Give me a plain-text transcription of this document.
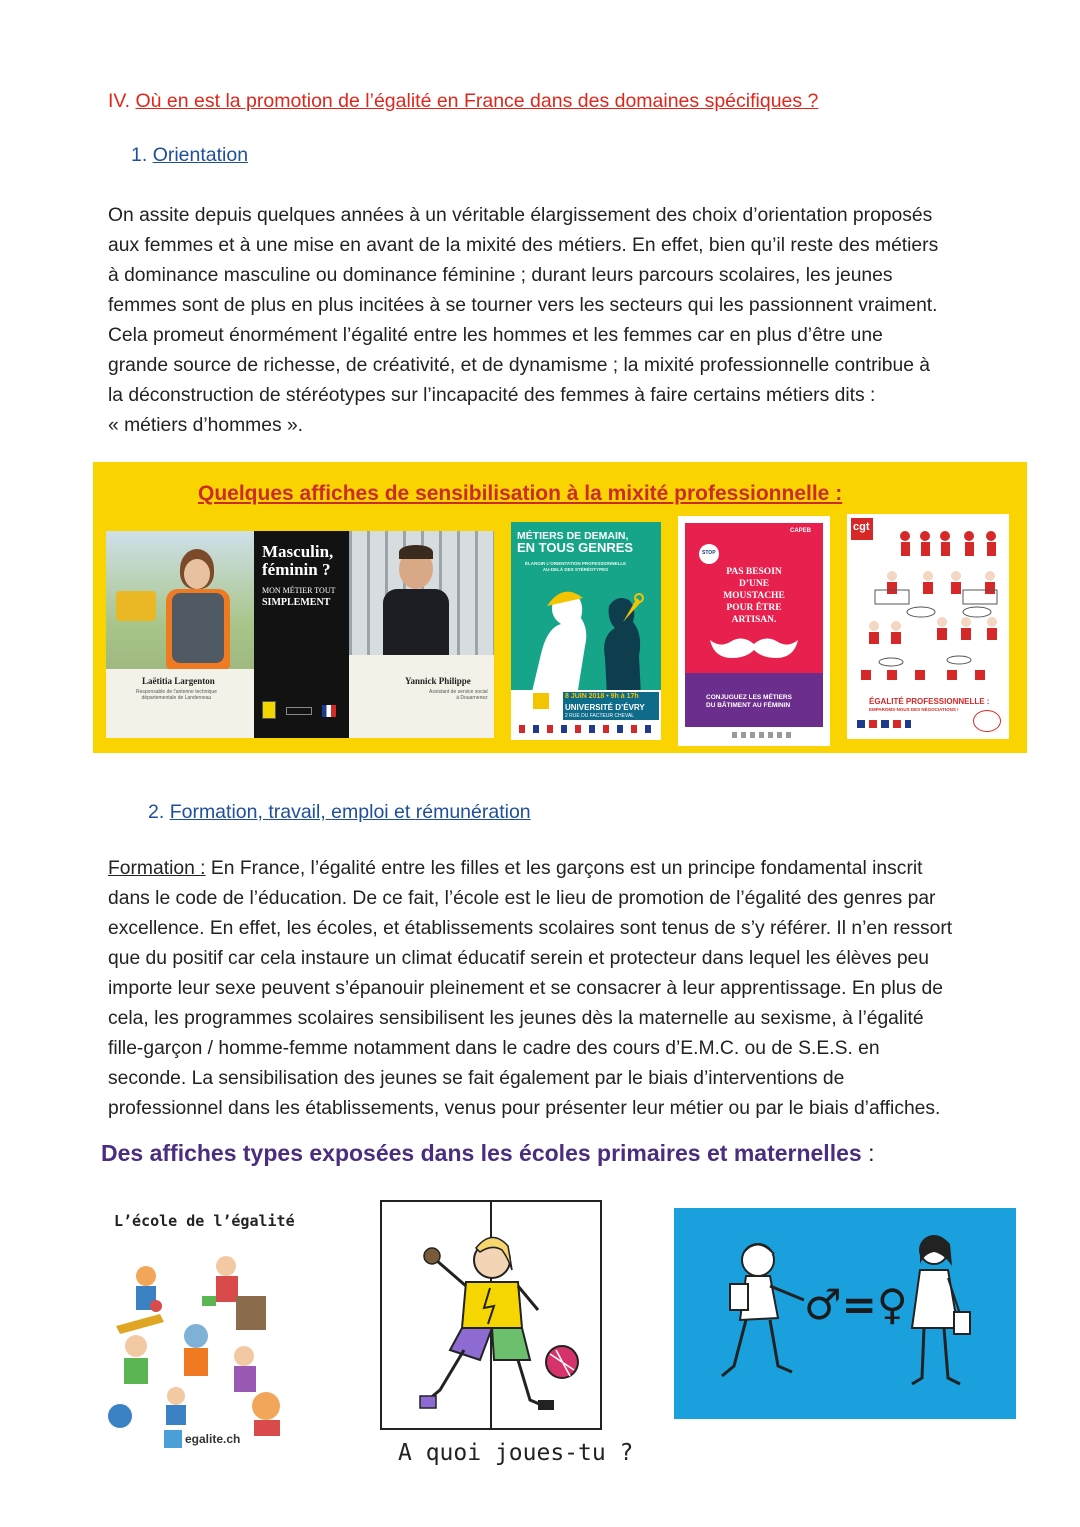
IV. Où en est la promotion de l’égalité en France dans des domaines spécifiques ?
1. Orientation
On assite depuis quelques années à un véritable élargissement des choix d’orientation proposés
aux femmes et à une mise en avant de la mixité des métiers. En effet, bien qu’il reste des métiers
à dominance masculine ou dominance féminine ; durant leurs parcours scolaires, les jeunes
femmes sont de plus en plus incitées à se tourner vers les secteurs qui les passionnent vraiment.
Cela promeut énormément l’égalité entre les hommes et les femmes car en plus d’être une
grande source de richesse, de créativité, et de dynamisme ; la mixité professionnelle contribue à
la déconstruction de stéréotypes sur l’incapacité des femmes à faire certains métiers dits :
« métiers d’hommes ».
Quelques affiches de sensibilisation à la mixité professionnelle :
Laëtitia Largenton
Responsable de l’antenne technique
départementale de Landerneau
Masculin,
féminin ?
MON MÉTIER TOUT
SIMPLEMENT
Yannick Philippe
Assistant de service social
à Douarnenez
MÉTIERS DE DEMAIN,
EN TOUS GENRES
ÉLARGIR L’ORIENTATION PROFESSIONNELLE
AU-DELÀ DES STÉRÉOTYPES
8 JUIN 2018 • 9h à 17h
UNIVERSITÉ D’ÉVRY
2 RUE DU FACTEUR CHEVAL
CAPEB
STOP
PAS BESOIN
D’UNE MOUSTACHE
POUR ÊTRE
ARTISAN.
CONJUGUEZ LES MÉTIERS
DU BÂTIMENT AU FÉMININ
cgt
ÉGALITÉ PROFESSIONNELLE :
EMPAROMS-NOUS DES NÉGOCIATIONS !
2. Formation, travail, emploi et rémunération
Formation : En France, l’égalité entre les filles et les garçons est un principe fondamental inscrit
dans le code de l’éducation. De ce fait, l’école est le lieu de promotion de l’égalité des genres par
excellence. En effet, les écoles, et établissements scolaires sont tenus de s’y référer. Il n’en ressort
que du positif car cela instaure un climat éducatif serein et protecteur dans lequel les élèves peu
importe leur sexe peuvent s’épanouir pleinement et se consacrer à leur apprentissage. En plus de
cela, les programmes scolaires sensibilisent les jeunes dès la maternelle au sexisme, à l’égalité
fille-garçon / homme-femme notamment dans le cadre des cours d’E.M.C. ou de S.E.S. en
seconde. La sensibilisation des jeunes se fait également par le biais d’interventions de
professionnel dans les établissements, venus pour présenter leur métier ou par le biais d’affiches.
Des affiches types exposées dans les écoles primaires et maternelles :
L’école de l’égalité
egalite.ch
A quoi joues-tu ?
♂=♀
